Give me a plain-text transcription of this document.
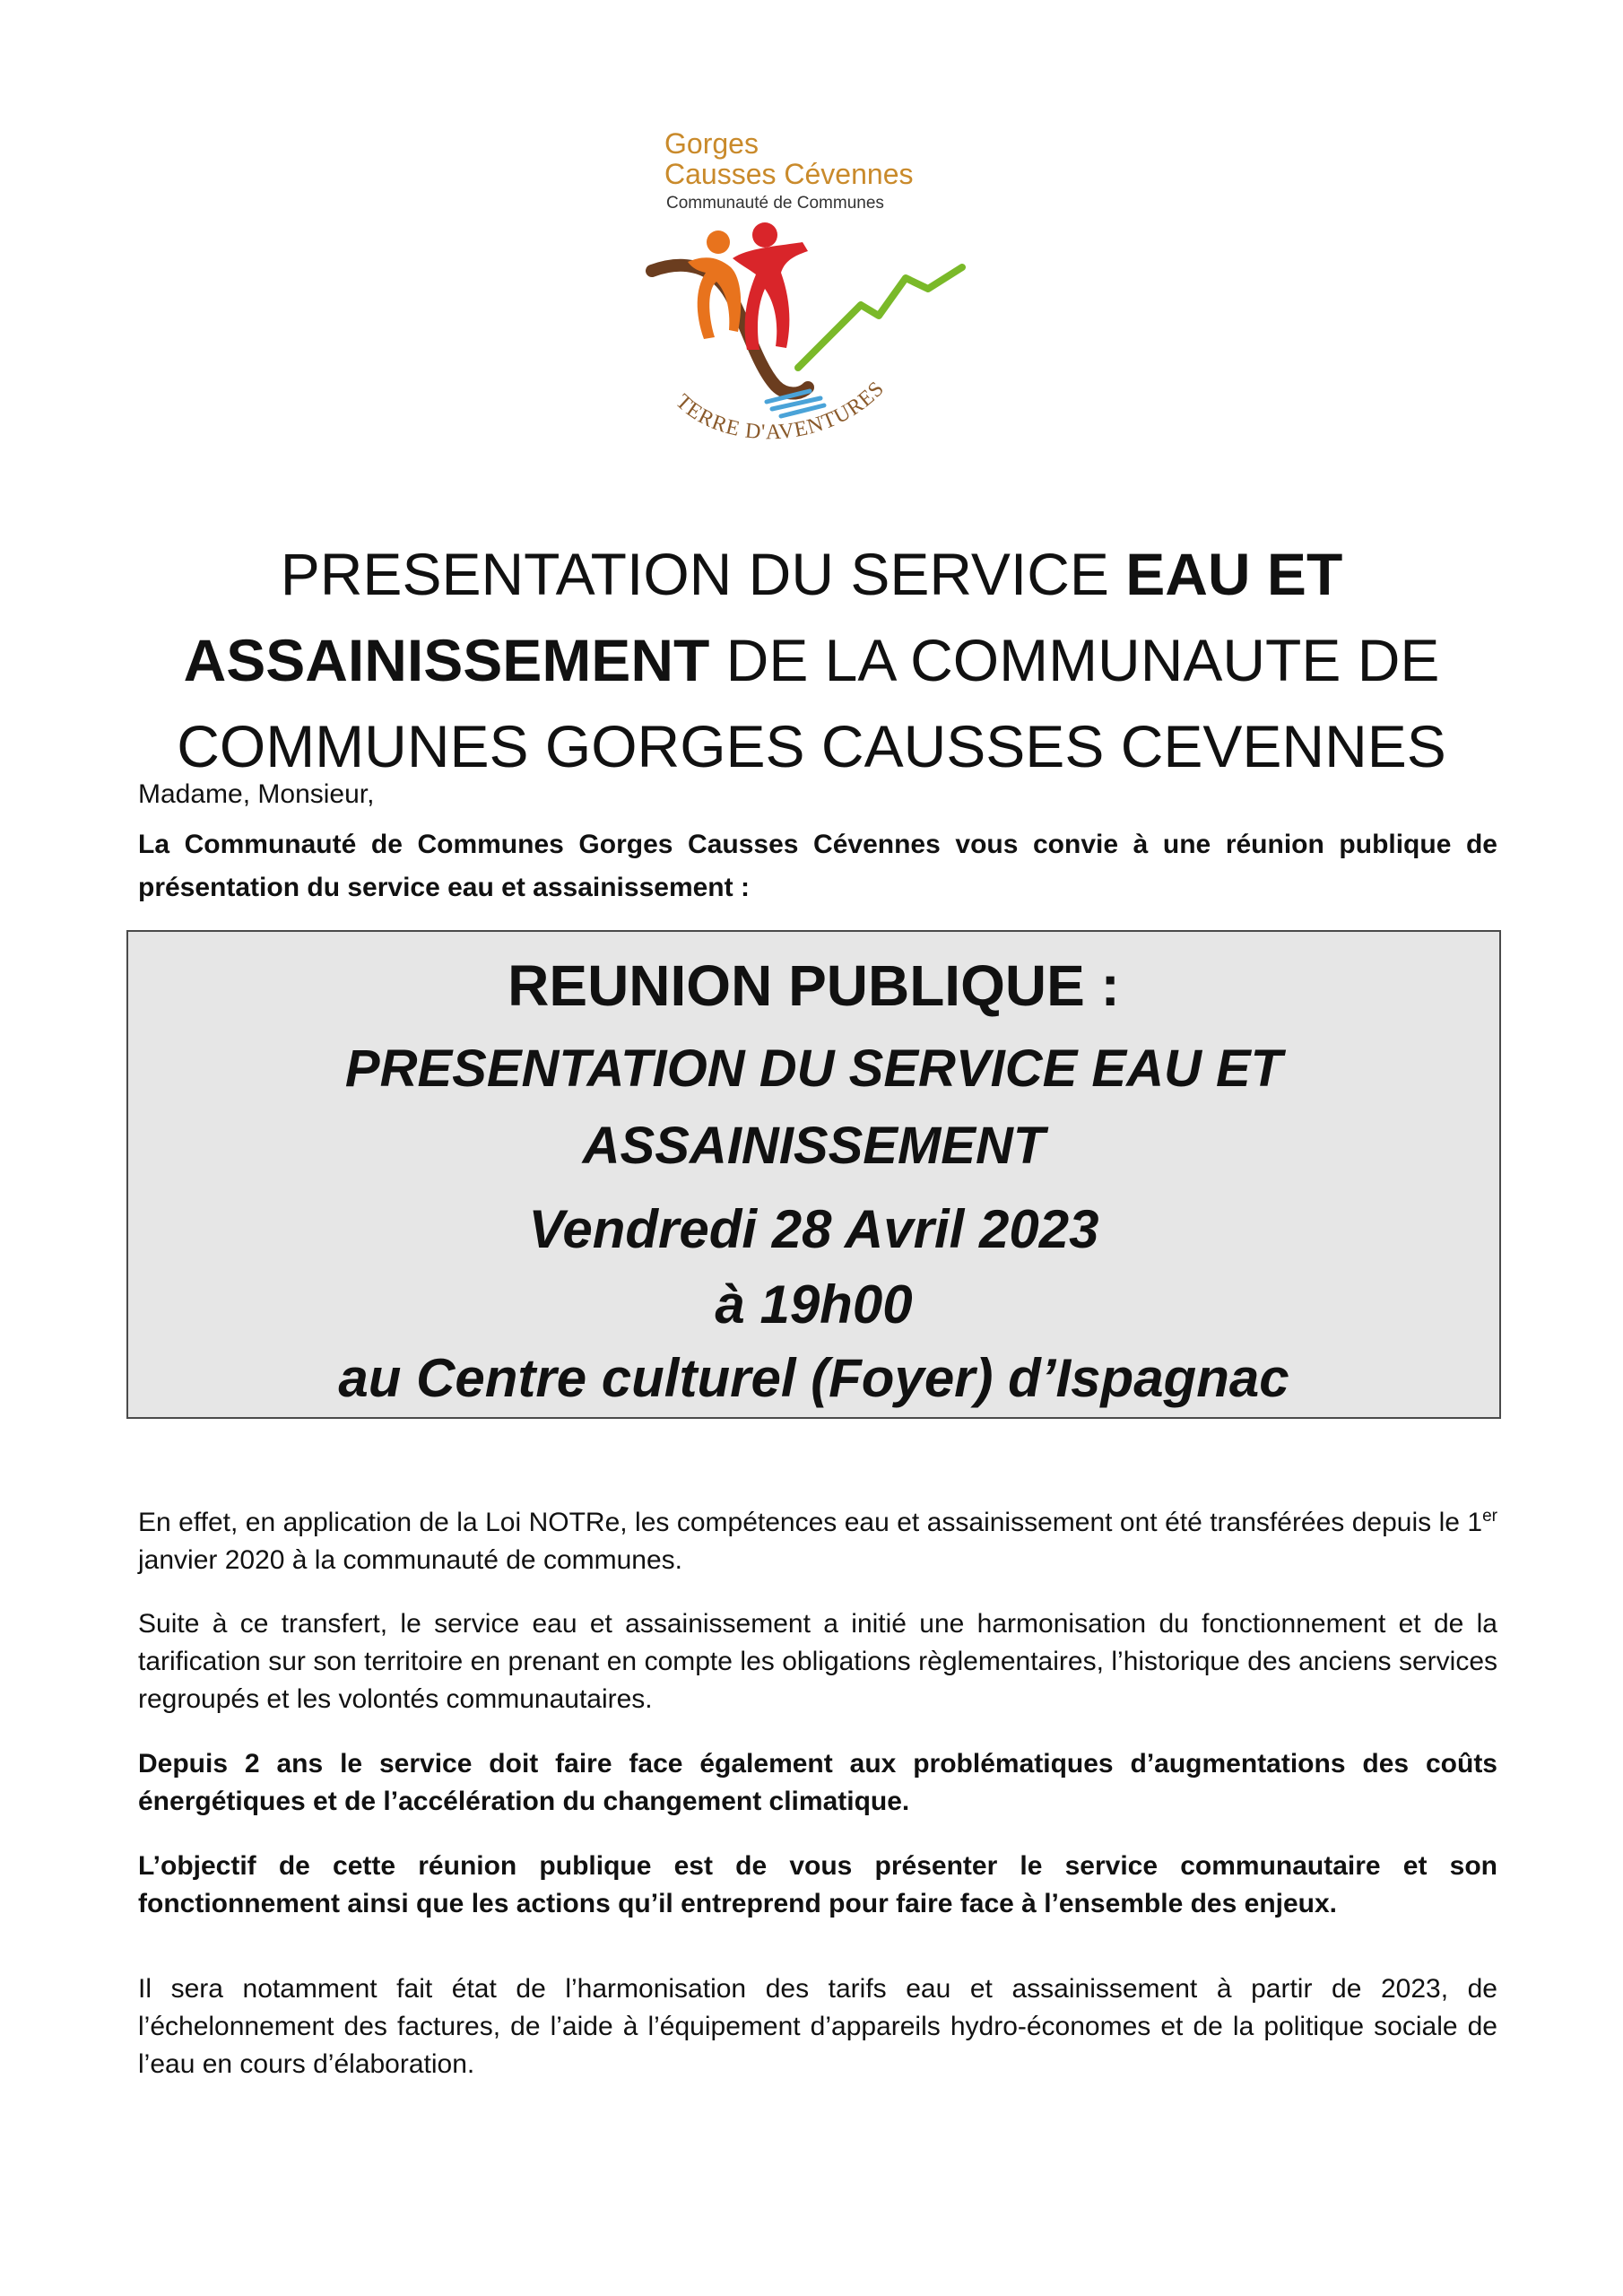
Gorges
Causses Cévennes
Communauté de Communes
TERRE D'AVENTURES
PRESENTATION DU SERVICE EAU ET ASSAINISSEMENT DE LA COMMUNAUTE DE COMMUNES GORGES CAUSSES CEVENNES
Madame, Monsieur,
La Communauté de Communes Gorges Causses Cévennes vous convie à une réunion publique de présentation du service eau et assainissement :
REUNION PUBLIQUE :
PRESENTATION DU SERVICE EAU ET
ASSAINISSEMENT
Vendredi 28 Avril 2023
à 19h00
au Centre culturel (Foyer) d’Ispagnac

En effet, en application de la Loi NOTRe, les compétences eau et assainissement ont été transférées depuis le 1er janvier 2020 à la communauté de communes.

Suite à ce transfert, le service eau et assainissement a initié une harmonisation du fonctionnement et de la tarification sur son territoire en prenant en compte les obligations règlementaires, l’historique des anciens services regroupés et les volontés communautaires.

Depuis 2 ans le service doit faire face également aux problématiques d’augmentations des coûts énergétiques et de l’accélération du changement climatique.

L’objectif de cette réunion publique est de vous présenter le service communautaire et son fonctionnement ainsi que les actions qu’il entreprend pour faire face à l’ensemble des enjeux.

Il sera notamment fait état de l’harmonisation des tarifs eau et assainissement à partir de 2023, de l’échelonnement des factures, de l’aide à l’équipement d’appareils hydro-économes et de la politique sociale de l’eau en cours d’élaboration.
